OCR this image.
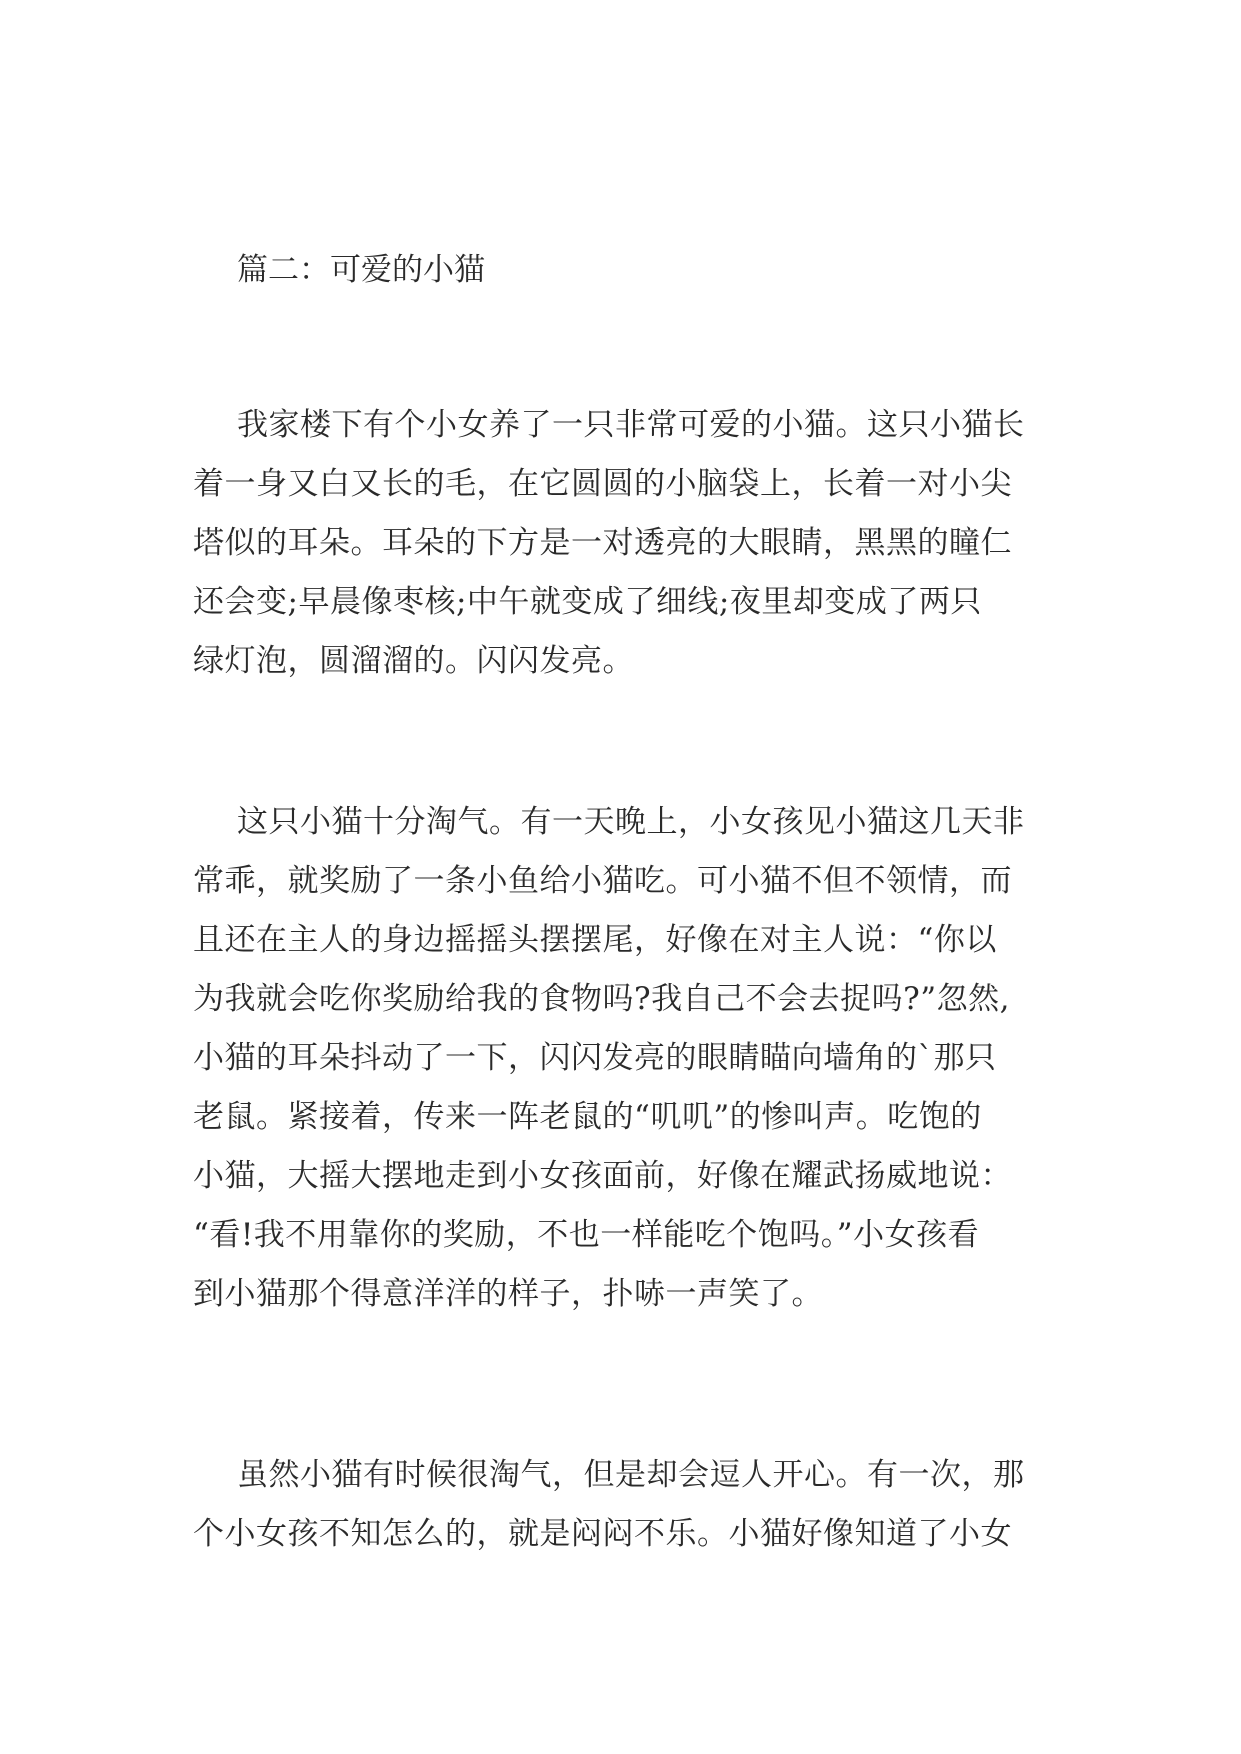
篇二：可爱的小猫
我家楼下有个小女养了一只非常可爱的小猫。这只小猫长
着一身又白又长的毛，在它圆圆的小脑袋上，长着一对小尖
塔似的耳朵。耳朵的下方是一对透亮的大眼睛，黑黑的瞳仁
还会变;早晨像枣核;中午就变成了细线;夜里却变成了两只
绿灯泡，圆溜溜的。闪闪发亮。
这只小猫十分淘气。有一天晚上，小女孩见小猫这几天非
常乖，就奖励了一条小鱼给小猫吃。可小猫不但不领情，而
且还在主人的身边摇摇头摆摆尾，好像在对主人说：“你以
为我就会吃你奖励给我的食物吗?我自己不会去捉吗?”忽然,
小猫的耳朵抖动了一下，闪闪发亮的眼睛瞄向墙角的`那只
老鼠。紧接着，传来一阵老鼠的“叽叽”的惨叫声。吃饱的
小猫，大摇大摆地走到小女孩面前，好像在耀武扬威地说：
“看!我不用靠你的奖励，不也一样能吃个饱吗。”小女孩看
到小猫那个得意洋洋的样子，扑哧一声笑了。
虽然小猫有时候很淘气，但是却会逗人开心。有一次，那
个小女孩不知怎么的，就是闷闷不乐。小猫好像知道了小女
